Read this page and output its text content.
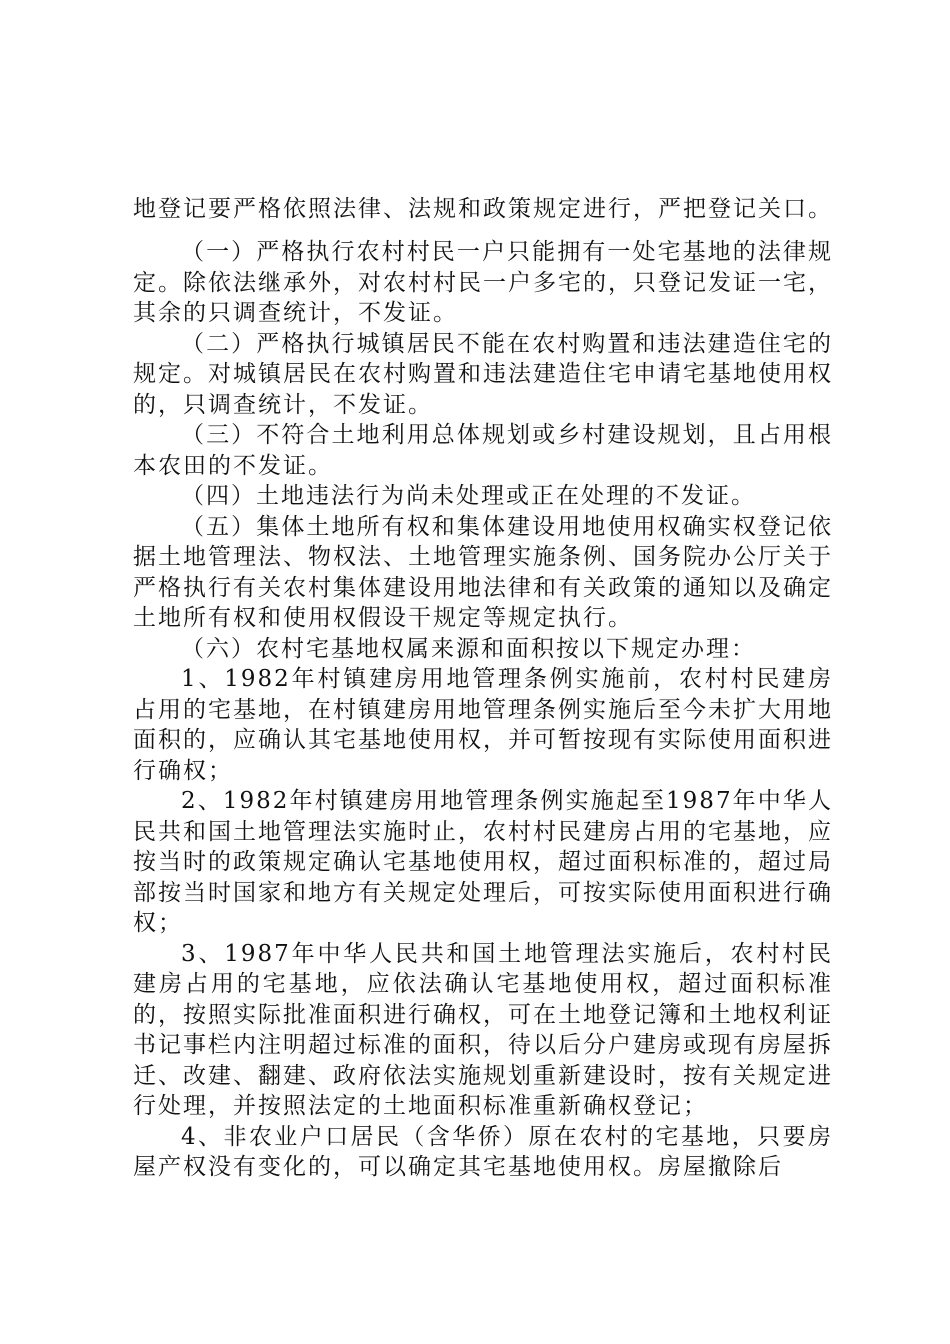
地登记要严格依照法律、法规和政策规定进行，严把登记关口。

（一）严格执行农村村民一户只能拥有一处宅基地的法律规定。除依法继承外，对农村村民一户多宅的，只登记发证一宅，其余的只调查统计，不发证。

（二）严格执行城镇居民不能在农村购置和违法建造住宅的规定。对城镇居民在农村购置和违法建造住宅申请宅基地使用权的，只调查统计，不发证。

（三）不符合土地利用总体规划或乡村建设规划，且占用根本农田的不发证。

（四）土地违法行为尚未处理或正在处理的不发证。

（五）集体土地所有权和集体建设用地使用权确实权登记依据土地管理法、物权法、土地管理实施条例、国务院办公厅关于严格执行有关农村集体建设用地法律和有关政策的通知以及确定土地所有权和使用权假设干规定等规定执行。

（六）农村宅基地权属来源和面积按以下规定办理：

1、1982年村镇建房用地管理条例实施前，农村村民建房占用的宅基地，在村镇建房用地管理条例实施后至今未扩大用地面积的，应确认其宅基地使用权，并可暂按现有实际使用面积进行确权；

2、1982年村镇建房用地管理条例实施起至1987年中华人民共和国土地管理法实施时止，农村村民建房占用的宅基地，应按当时的政策规定确认宅基地使用权，超过面积标准的，超过局部按当时国家和地方有关规定处理后，可按实际使用面积进行确权；

3、1987年中华人民共和国土地管理法实施后，农村村民建房占用的宅基地，应依法确认宅基地使用权，超过面积标准的，按照实际批准面积进行确权，可在土地登记簿和土地权利证书记事栏内注明超过标准的面积，待以后分户建房或现有房屋拆迁、改建、翻建、政府依法实施规划重新建设时，按有关规定进行处理，并按照法定的土地面积标准重新确权登记；

4、非农业户口居民（含华侨）原在农村的宅基地，只要房屋产权没有变化的，可以确定其宅基地使用权。房屋撤除后
